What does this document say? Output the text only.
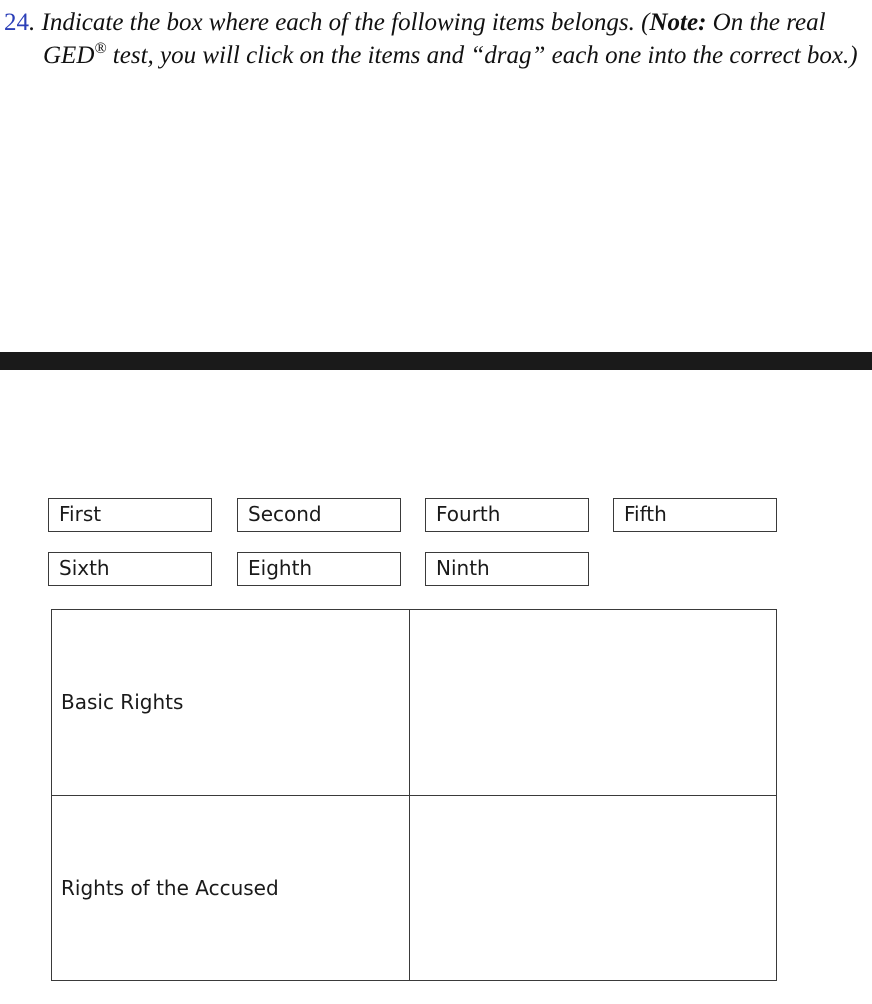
24. Indicate the box where each of the following items belongs. (Note: On the real GED® test, you will click on the items and “drag” each one into the correct box.)
First	Second	Fourth	Fifth
Sixth	Eighth	Ninth
Basic Rights
Rights of the Accused
